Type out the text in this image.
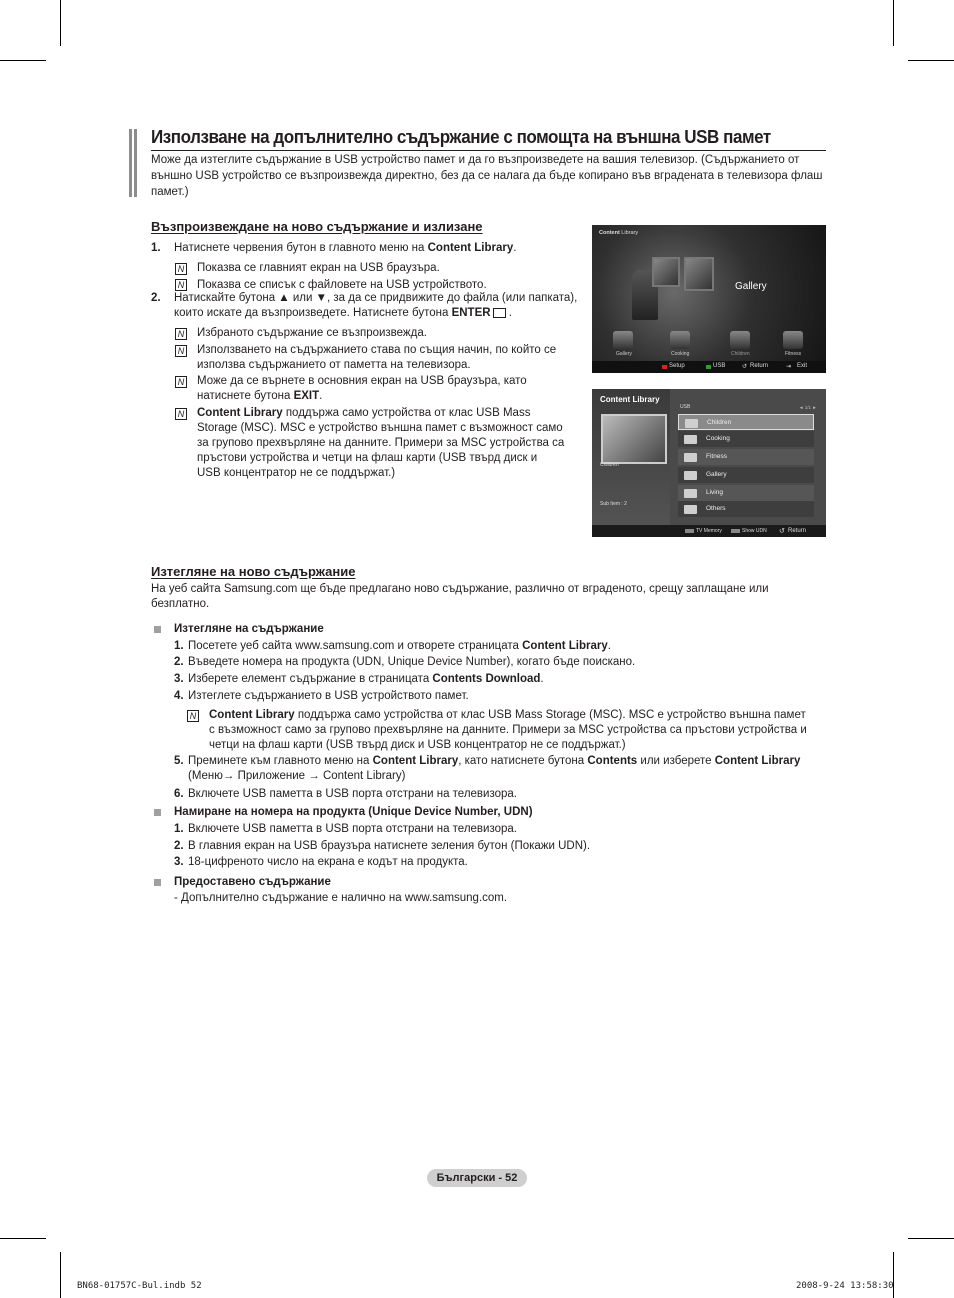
Използване на допълнително съдържание с помощта на външна USB памет
Може да изтеглите съдържание в USB устройство памет и да го възпроизведете на вашия телевизор. (Съдържанието от външно USB устройство се възпроизвежда директно, без да се налага да бъде копирано във вградената в телевизора флаш памет.)
Възпроизвеждане на ново съдържание и излизане
1. Натиснете червения бутон в главното меню на Content Library.
N Показва се главният екран на USB браузъра.
N Показва се списък с файловете на USB устройството.
2. Натискайте бутона ▲ или ▼, за да се придвижите до файла (или папката),
които искате да възпроизведете. Натиснете бутона ENTER .
N Избраното съдържание се възпроизвежда.
N Използването на съдържанието става по същия начин, по който се
използва съдържанието от паметта на телевизора.
N Може да се върнете в основния екран на USB браузъра, като
натиснете бутона EXIT.
N Content Library поддържа само устройства от клас USB Mass
Storage (MSC). MSC е устройство външна памет с възможност само
за групово прехвърляне на данните. Примери за MSC устройства са
пръстови устройства и четци на флаш карти (USB твърд диск и
USB концентратор не се поддържат.)
Content Library
Gallery
Gallery	Cooking	Children	Fitness
Setup	USB	↺ Return	⇥ Exit
Content Library
Children
Sub Item : 2
USB	◄ 1/1 ►
Children
Cooking
Fitness
Gallery
Living
Others
TV Memory	Show UDN ↺ Return
Изтегляне на ново съдържание
На уеб сайта Samsung.com ще бъде предлагано ново съдържание, различно от вграденото, срещу заплащане или
безплатно.
Изтегляне на съдържание
1. Посетете уеб сайта www.samsung.com и отворете страницата Content Library.
2. Въведете номера на продукта (UDN, Unique Device Number), когато бъде поискано.
3. Изберете елемент съдържание в страницата Contents Download.
4. Изтеглете съдържанието в USB устройството памет.
N Content Library поддържа само устройства от клас USB Mass Storage (MSC). MSC е устройство външна памет
с възможност само за групово прехвърляне на данните. Примери за MSC устройства са пръстови устройства и
четци на флаш карти (USB твърд диск и USB концентратор не се поддържат.)
5. Преминете към главното меню на Content Library, като натиснете бутона Contents или изберете Content Library
(Меню→ Приложение → Content Library)
6. Включете USB паметта в USB порта отстрани на телевизора.
Намиране на номера на продукта (Unique Device Number, UDN)
1. Включете USB паметта в USB порта отстрани на телевизора.
2. В главния екран на USB браузъра натиснете зеления бутон (Покажи UDN).
3. 18-цифреното число на екрана е кодът на продукта.
Предоставено съдържание
- Допълнително съдържание е налично на www.samsung.com.
Български - 52
BN68-01757C-Bul.indb 52	2008-9-24 13:58:30
